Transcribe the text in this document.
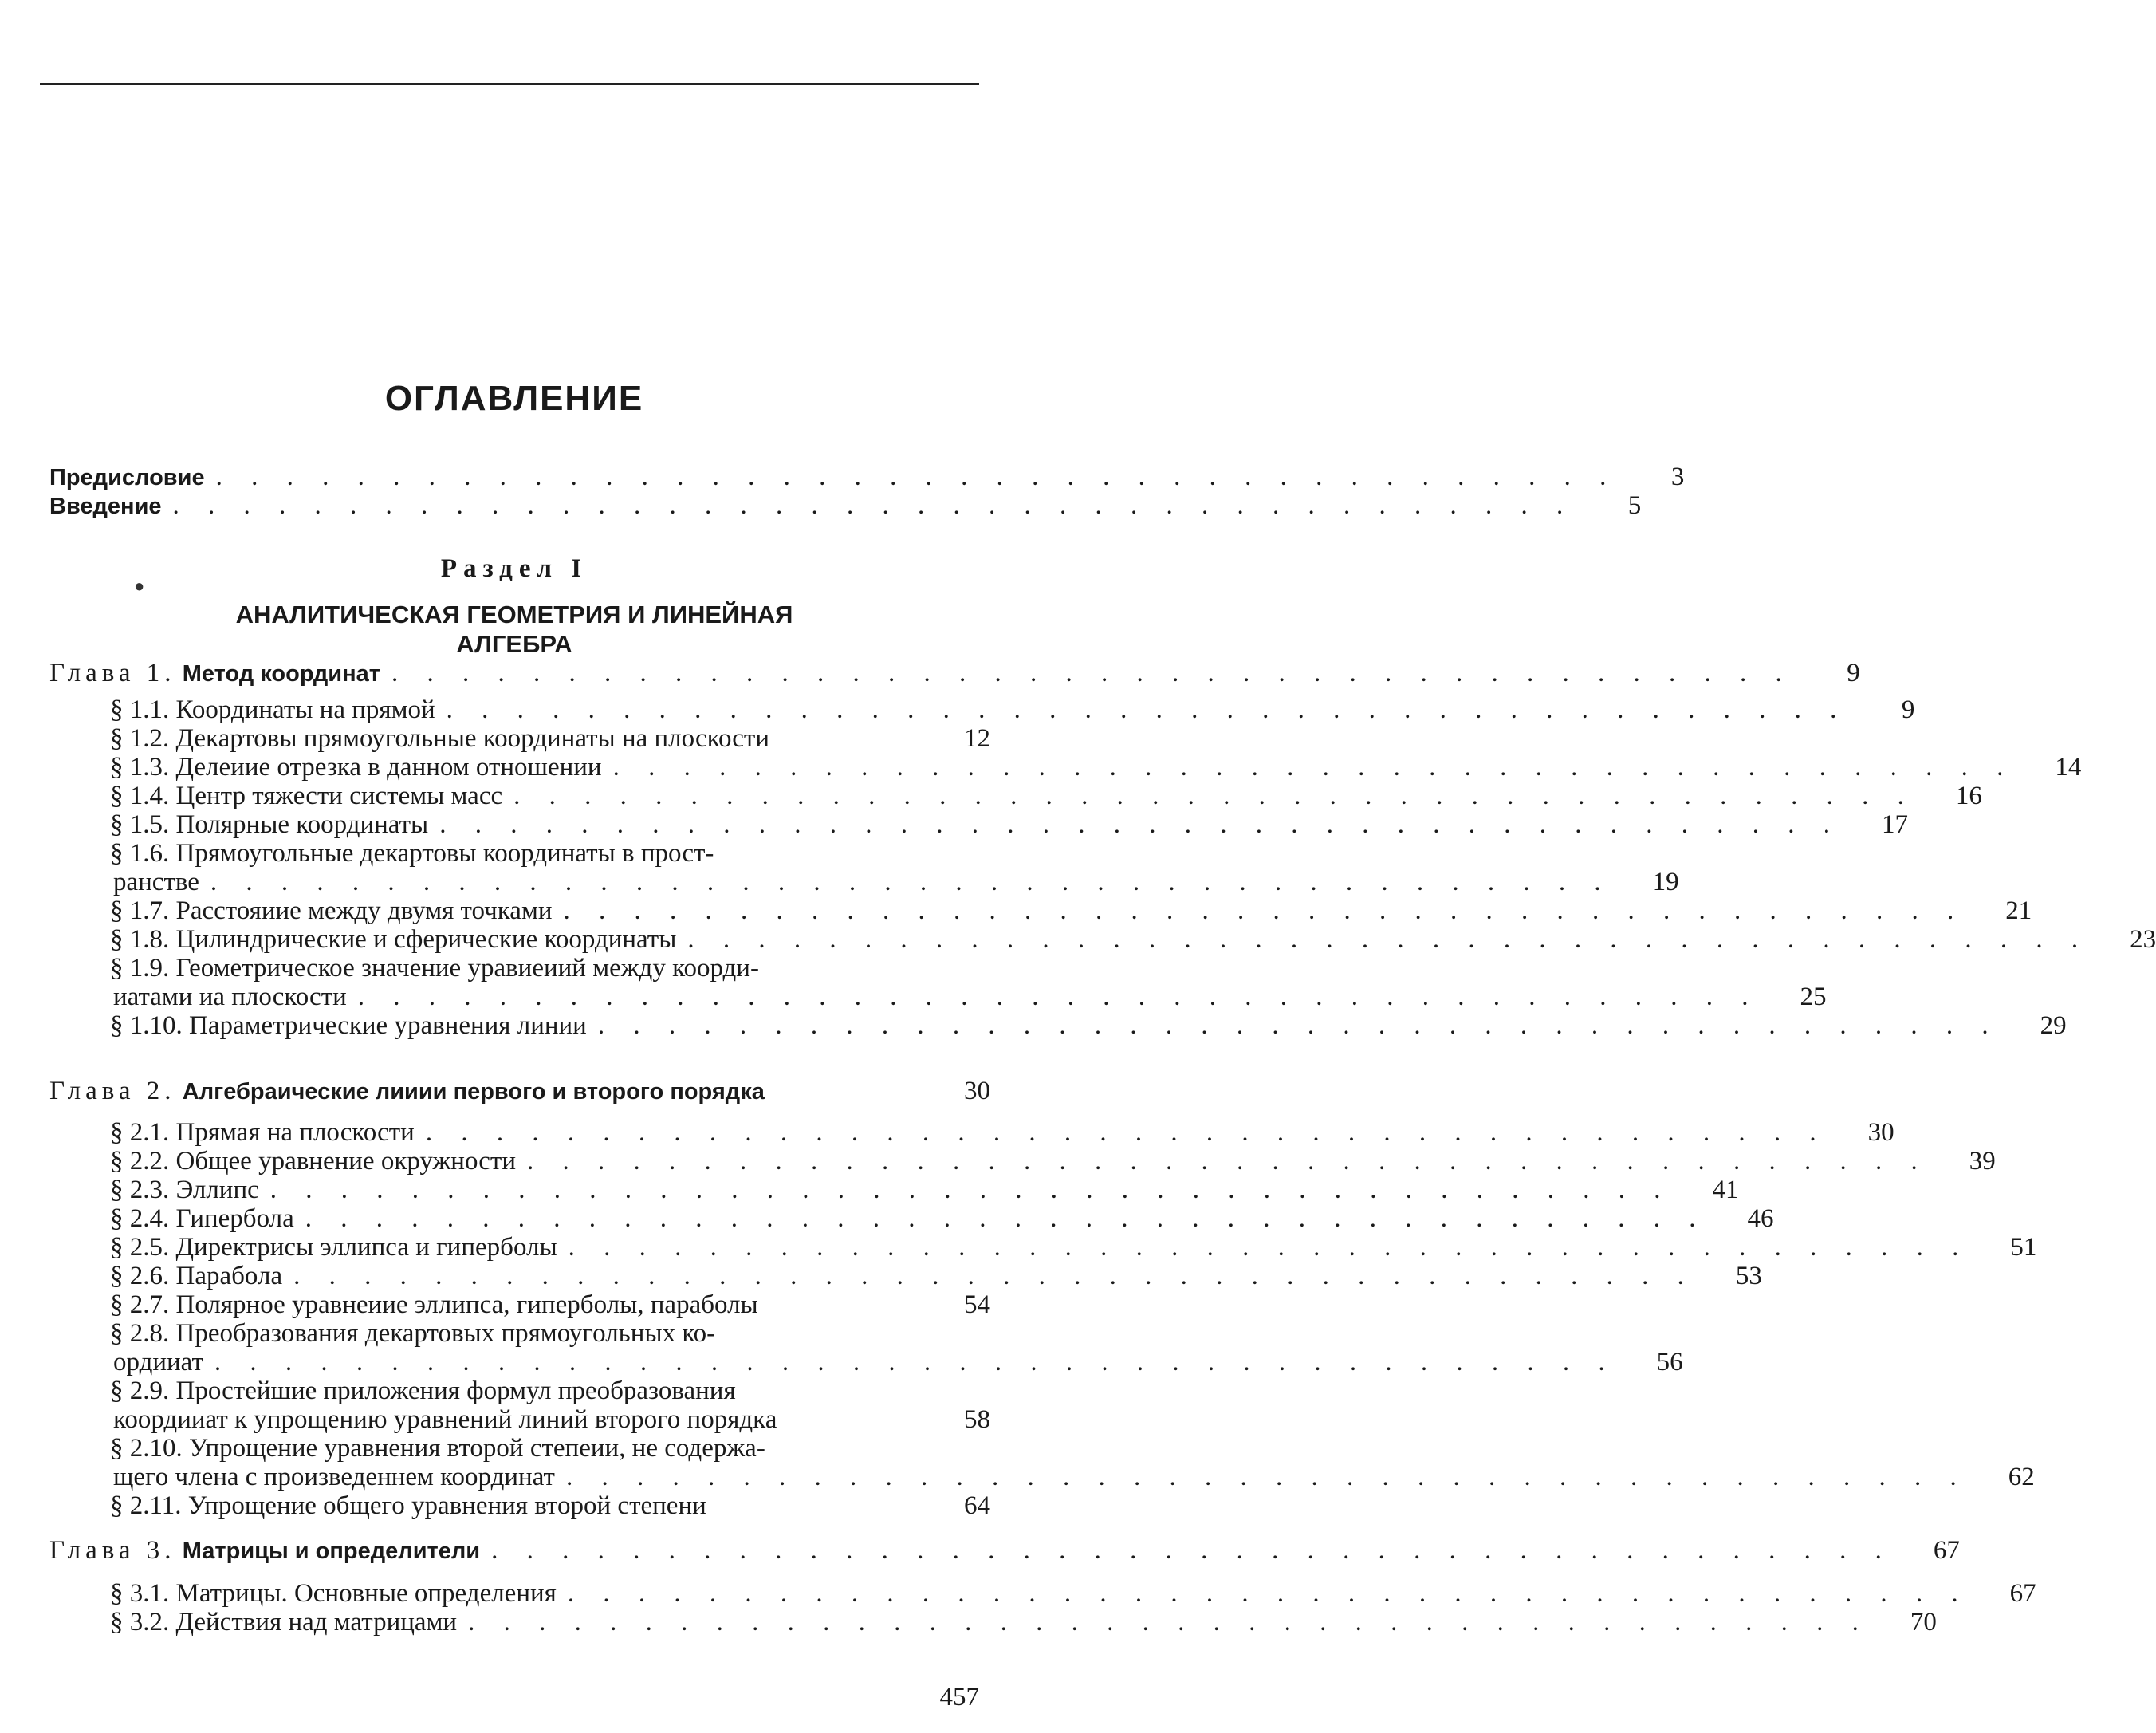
ОГЛАВЛЕНИЕ
Предисловие . . . . . . . . . . . . . . . . . . . . . . . . . . . . . . . . . . . . . . . .	3
Введение . . . . . . . . . . . . . . . . . . . . . . . . . . . . . . . . . . . . . . . .	5
●
Раздел I
АНАЛИТИЧЕСКАЯ ГЕОМЕТРИЯ И ЛИНЕЙНАЯ
АЛГЕБРА
Глава 1. Метод координат . . . . . . . . . . . . . . . . . . . . . . . . . . . . . . . . . . . . . . . .	9
§ 1.1. Координаты на прямой . . . . . . . . . . . . . . . . . . . . . . . . . . . . . . . . . . . . . . . .	9
§ 1.2. Декартовы прямоугольные координаты на плоскости	12
§ 1.3. Делеиие отрезка в данном отношении . . . . . . . . . . . . . . . . . . . . . . . . . . . . . . . . . . . . . . . .	14
§ 1.4. Центр тяжести системы масс . . . . . . . . . . . . . . . . . . . . . . . . . . . . . . . . . . . . . . . .	16
§ 1.5. Полярные координаты . . . . . . . . . . . . . . . . . . . . . . . . . . . . . . . . . . . . . . . .	17
§ 1.6. Прямоугольные декартовы координаты в прост-
ранстве . . . . . . . . . . . . . . . . . . . . . . . . . . . . . . . . . . . . . . . .	19
§ 1.7. Расстояиие между двумя точками . . . . . . . . . . . . . . . . . . . . . . . . . . . . . . . . . . . . . . . .	21
§ 1.8. Цилиндрические и сферические координаты . . . . . . . . . . . . . . . . . . . . . . . . . . . . . . . . . . . . . . . .	23
§ 1.9. Геометрическое значение уравиеиий между коорди-
иатами иа плоскости . . . . . . . . . . . . . . . . . . . . . . . . . . . . . . . . . . . . . . . .	25
§ 1.10. Параметрические уравнения линии . . . . . . . . . . . . . . . . . . . . . . . . . . . . . . . . . . . . . . . .	29
Глава 2. Алгебраические лииии первого и второго порядка	30
§ 2.1. Прямая на плоскости . . . . . . . . . . . . . . . . . . . . . . . . . . . . . . . . . . . . . . . .	30
§ 2.2. Общее уравнение окружности . . . . . . . . . . . . . . . . . . . . . . . . . . . . . . . . . . . . . . . .	39
§ 2.3. Эллипс . . . . . . . . . . . . . . . . . . . . . . . . . . . . . . . . . . . . . . . .	41
§ 2.4. Гипербола . . . . . . . . . . . . . . . . . . . . . . . . . . . . . . . . . . . . . . . .	46
§ 2.5. Директрисы эллипса и гиперболы . . . . . . . . . . . . . . . . . . . . . . . . . . . . . . . . . . . . . . . .	51
§ 2.6. Парабола . . . . . . . . . . . . . . . . . . . . . . . . . . . . . . . . . . . . . . . .	53
§ 2.7. Полярное уравнеиие эллипса, гиперболы, параболы	54
§ 2.8. Преобразования декартовых прямоугольных ко-
ордииат . . . . . . . . . . . . . . . . . . . . . . . . . . . . . . . . . . . . . . . .	56
§ 2.9. Простейшие приложения формул преобразования
коордииат к упрощению уравнений линий второго порядка	58
§ 2.10. Упрощение уравнения второй степеии, не содержа-
щего члена с произведеннем координат . . . . . . . . . . . . . . . . . . . . . . . . . . . . . . . . . . . . . . . .	62
§ 2.11. Упрощение общего уравнения второй степени	64
Глава 3. Матрицы и определители . . . . . . . . . . . . . . . . . . . . . . . . . . . . . . . . . . . . . . . .	67
§ 3.1. Матрицы. Основные определения . . . . . . . . . . . . . . . . . . . . . . . . . . . . . . . . . . . . . . . .	67
§ 3.2. Действия над матрицами . . . . . . . . . . . . . . . . . . . . . . . . . . . . . . . . . . . . . . . .	70
457
